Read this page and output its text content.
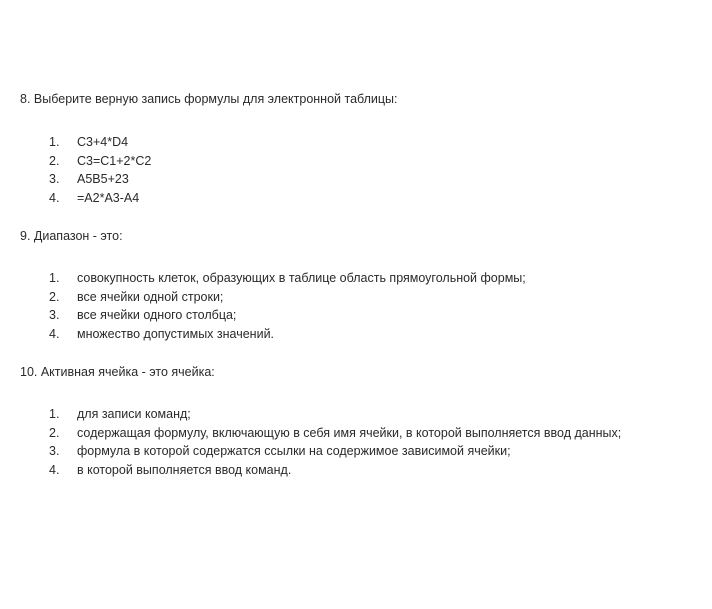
8. Выберите верную запись формулы для электронной таблицы:

1.	C3+4*D4
2.	C3=C1+2*C2
3.	A5B5+23
4.	=A2*A3-A4

9. Диапазон - это:

1.	совокупность клеток, образующих в таблице область прямоугольной формы;
2.	все ячейки одной строки;
3.	все ячейки одного столбца;
4.	множество допустимых значений.

10. Активная ячейка - это ячейка:

1.	для записи команд;
2.	содержащая формулу, включающую в себя имя ячейки, в которой выполняется ввод данных;
3.	формула в которой содержатся ссылки на содержимое зависимой ячейки;
4.	в которой выполняется ввод команд.
